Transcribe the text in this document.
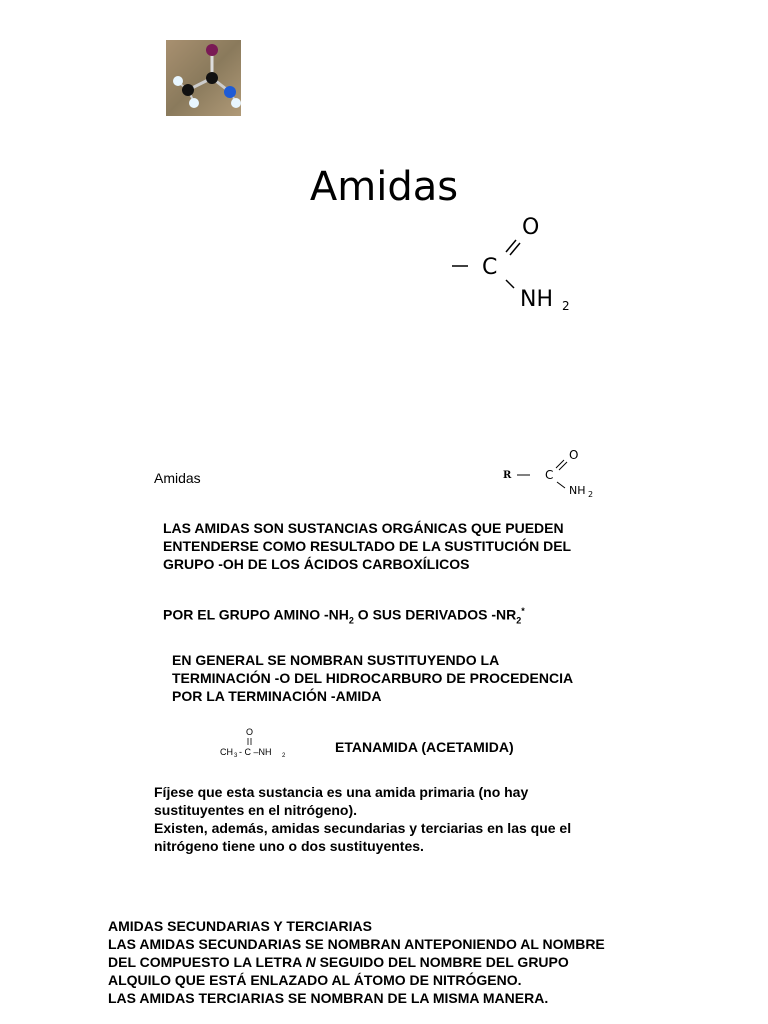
Amidas
O
C
NH 2
Amidas	R	C
O
NH 2
LAS AMIDAS SON SUSTANCIAS ORGÁNICAS QUE PUEDEN
ENTENDERSE COMO RESULTADO DE LA SUSTITUCIÓN DEL
GRUPO -OH DE LOS ÁCIDOS CARBOXÍLICOS
POR EL GRUPO AMINO $-NH_2$ O SUS DERIVADOS $-NR_2^*$
EN GENERAL SE NOMBRAN SUSTITUYENDO LA
TERMINACIÓN -O DEL HIDROCARBURO DE PROCEDENCIA
POR LA TERMINACIÓN -AMIDA
O
CH 3 - C –NH 2
ETANAMIDA (ACETAMIDA)
Fíjese que esta sustancia es una amida primaria (no hay
sustituyentes en el nitrógeno).
Existen, además, amidas secundarias y terciarias en las que el
nitrógeno tiene uno o dos sustituyentes.
AMIDAS SECUNDARIAS Y TERCIARIAS
LAS AMIDAS SECUNDARIAS SE NOMBRAN ANTEPONIENDO AL NOMBRE
DEL COMPUESTO LA LETRA N SEGUIDO DEL NOMBRE DEL GRUPO
ALQUILO QUE ESTÁ ENLAZADO AL ÁTOMO DE NITRÓGENO.
LAS AMIDAS TERCIARIAS SE NOMBRAN DE LA MISMA MANERA.
